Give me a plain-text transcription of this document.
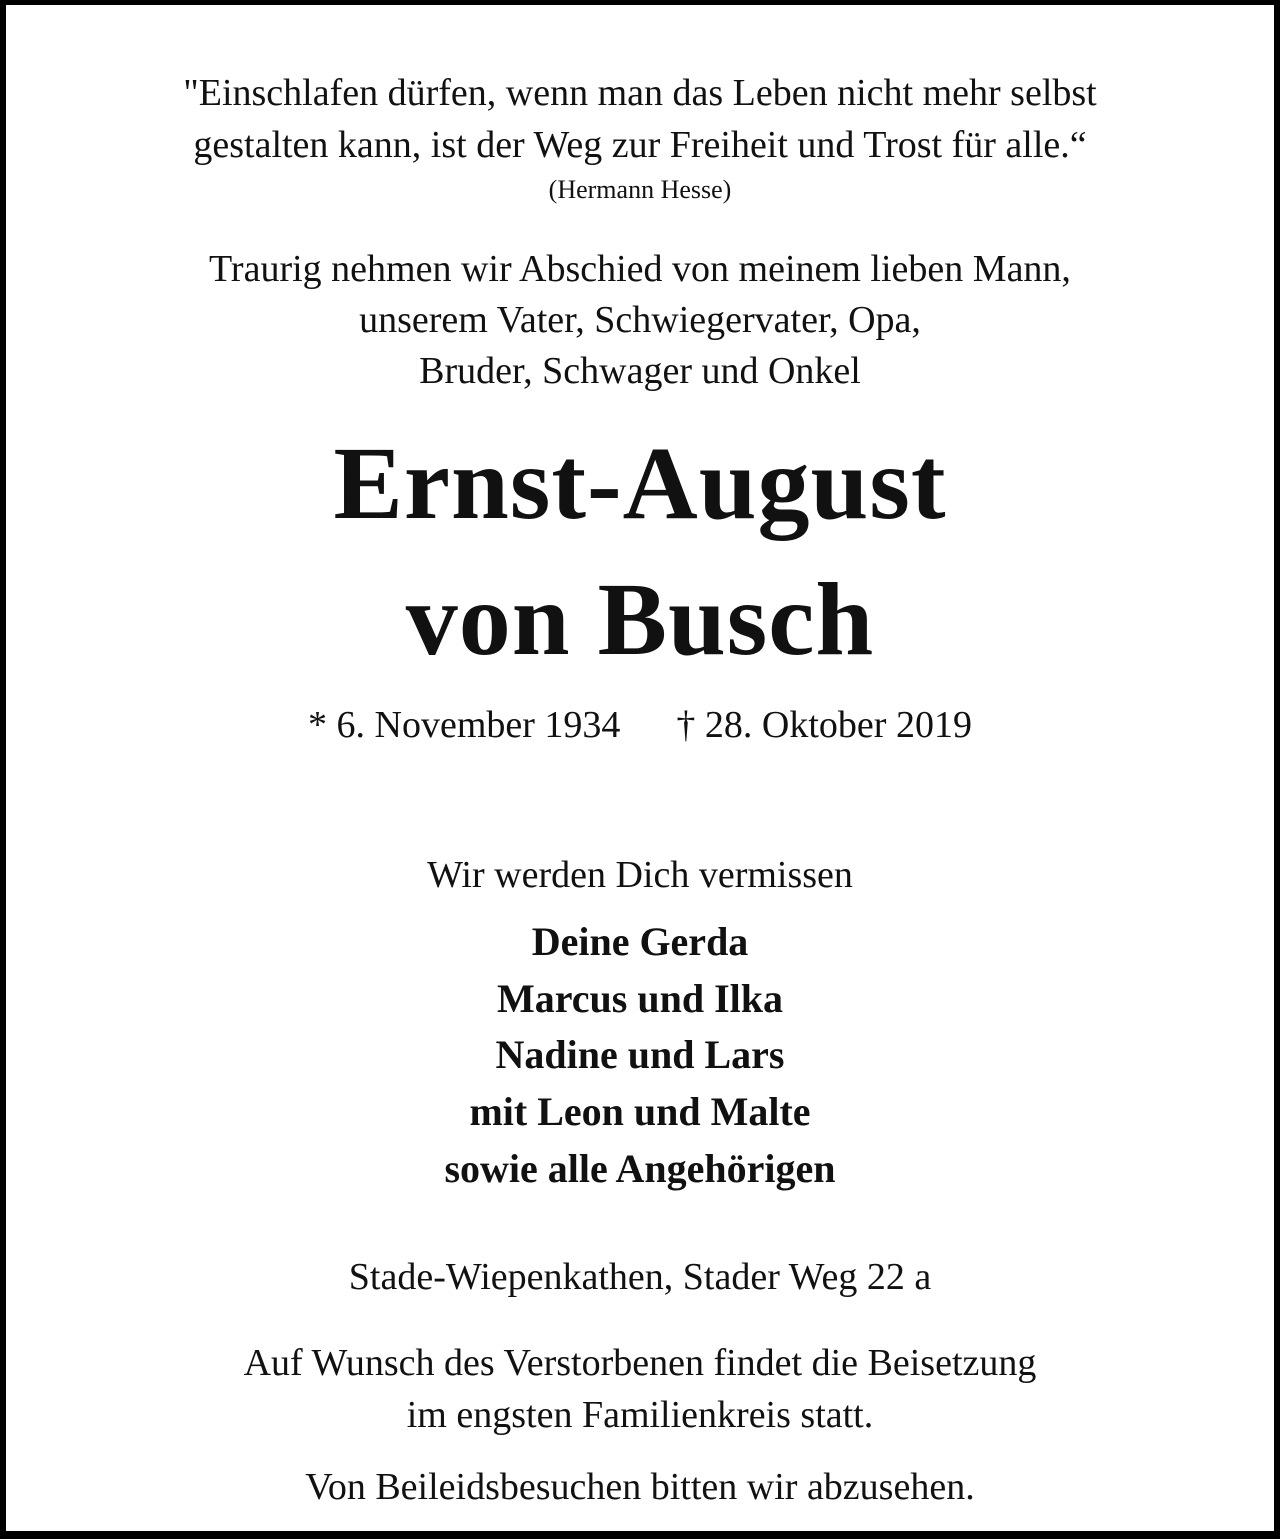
"Einschlafen dürfen, wenn man das Leben nicht mehr selbst
gestalten kann, ist der Weg zur Freiheit und Trost für alle.“
(Hermann Hesse)
Traurig nehmen wir Abschied von meinem lieben Mann,
unserem Vater, Schwiegervater, Opa,
Bruder, Schwager und Onkel
Ernst-August
von Busch
* 6. November 1934 † 28. Oktober 2019
Wir werden Dich vermissen
Deine Gerda
Marcus und Ilka
Nadine und Lars
mit Leon und Malte
sowie alle Angehörigen
Stade-Wiepenkathen, Stader Weg 22 a
Auf Wunsch des Verstorbenen findet die Beisetzung
im engsten Familienkreis statt.
Von Beileidsbesuchen bitten wir abzusehen.
